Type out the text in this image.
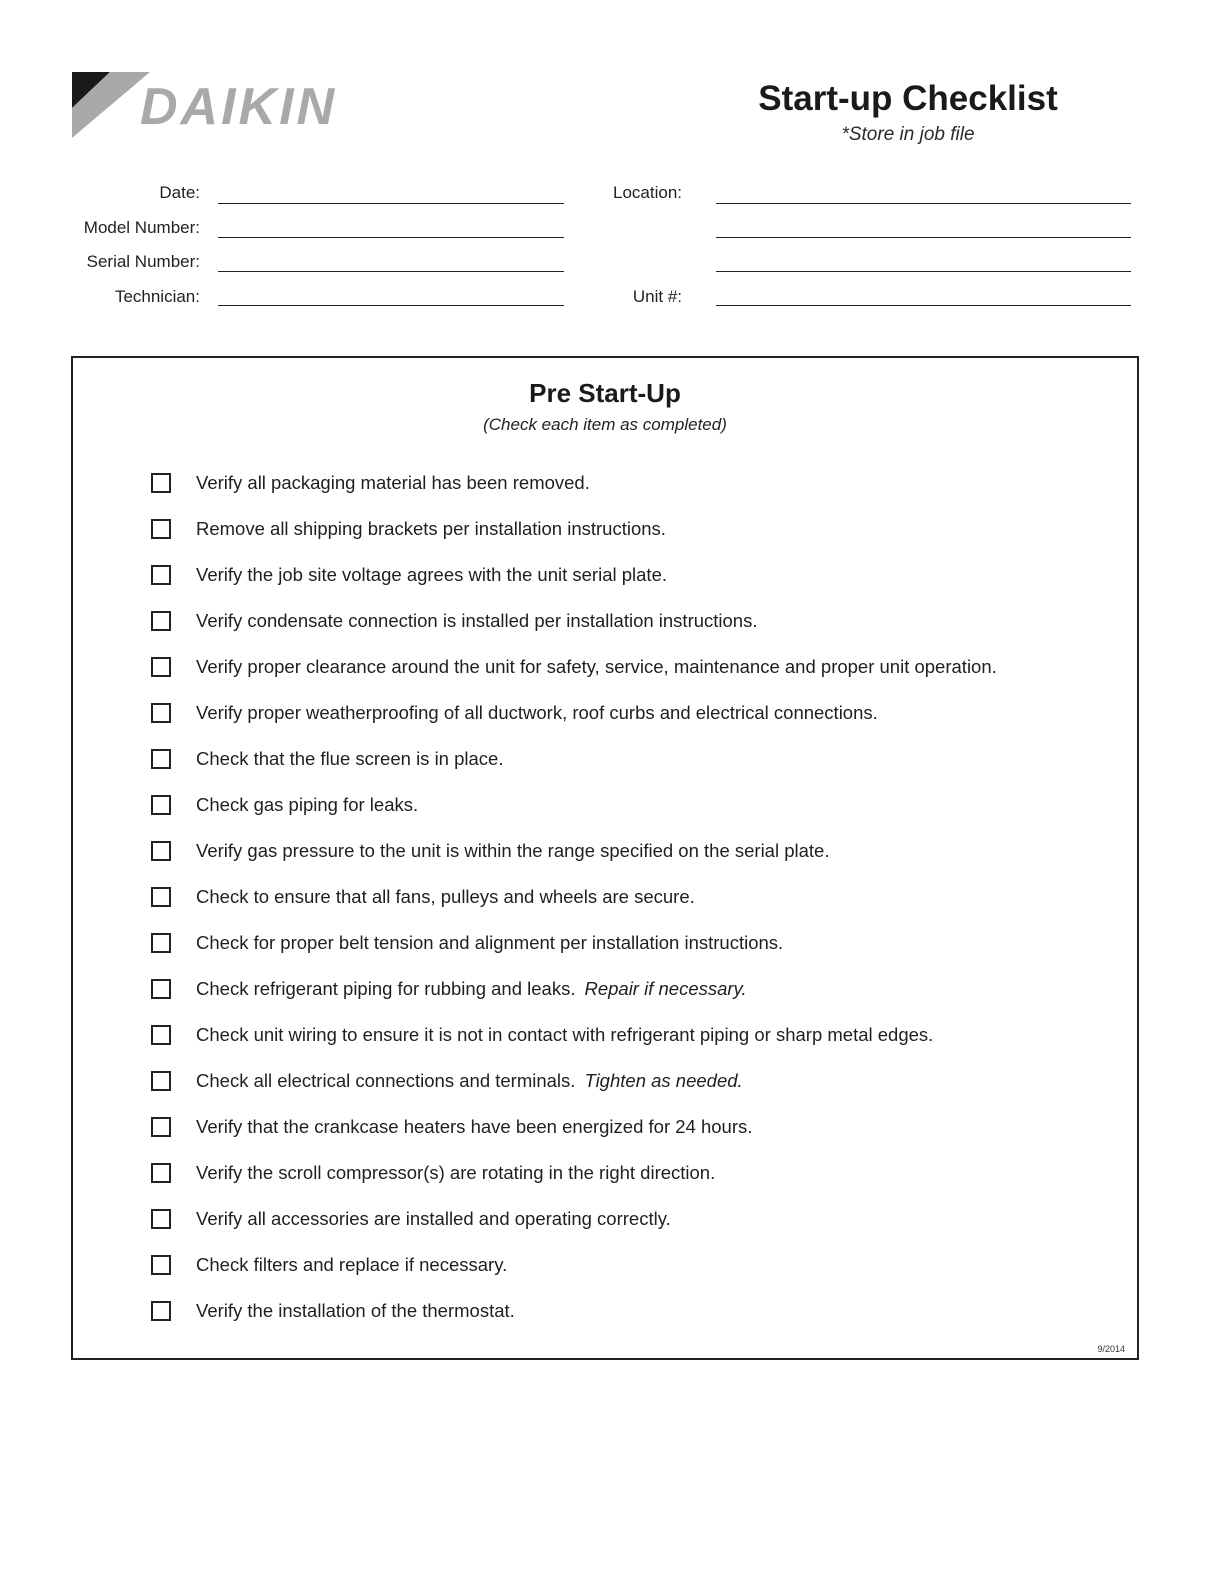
DAIKIN	Start-up Checklist
*Store in job file
Date:
Model Number:
Serial Number:
Technician:
Location:
Unit #:
Pre Start-Up
(Check each item as completed)
Verify all packaging material has been removed.
Remove all shipping brackets per installation instructions.
Verify the job site voltage agrees with the unit serial plate.
Verify condensate connection is installed per installation instructions.
Verify proper clearance around the unit for safety, service, maintenance and proper unit operation.
Verify proper weatherproofing of all ductwork, roof curbs and electrical connections.
Check that the flue screen is in place.
Check gas piping for leaks.
Verify gas pressure to the unit is within the range specified on the serial plate.
Check to ensure that all fans, pulleys and wheels are secure.
Check for proper belt tension and alignment per installation instructions.
Check refrigerant piping for rubbing and leaks. Repair if necessary.
Check unit wiring to ensure it is not in contact with refrigerant piping or sharp metal edges.
Check all electrical connections and terminals. Tighten as needed.
Verify that the crankcase heaters have been energized for 24 hours.
Verify the scroll compressor(s) are rotating in the right direction.
Verify all accessories are installed and operating correctly.
Check filters and replace if necessary.
Verify the installation of the thermostat.
9/2014
